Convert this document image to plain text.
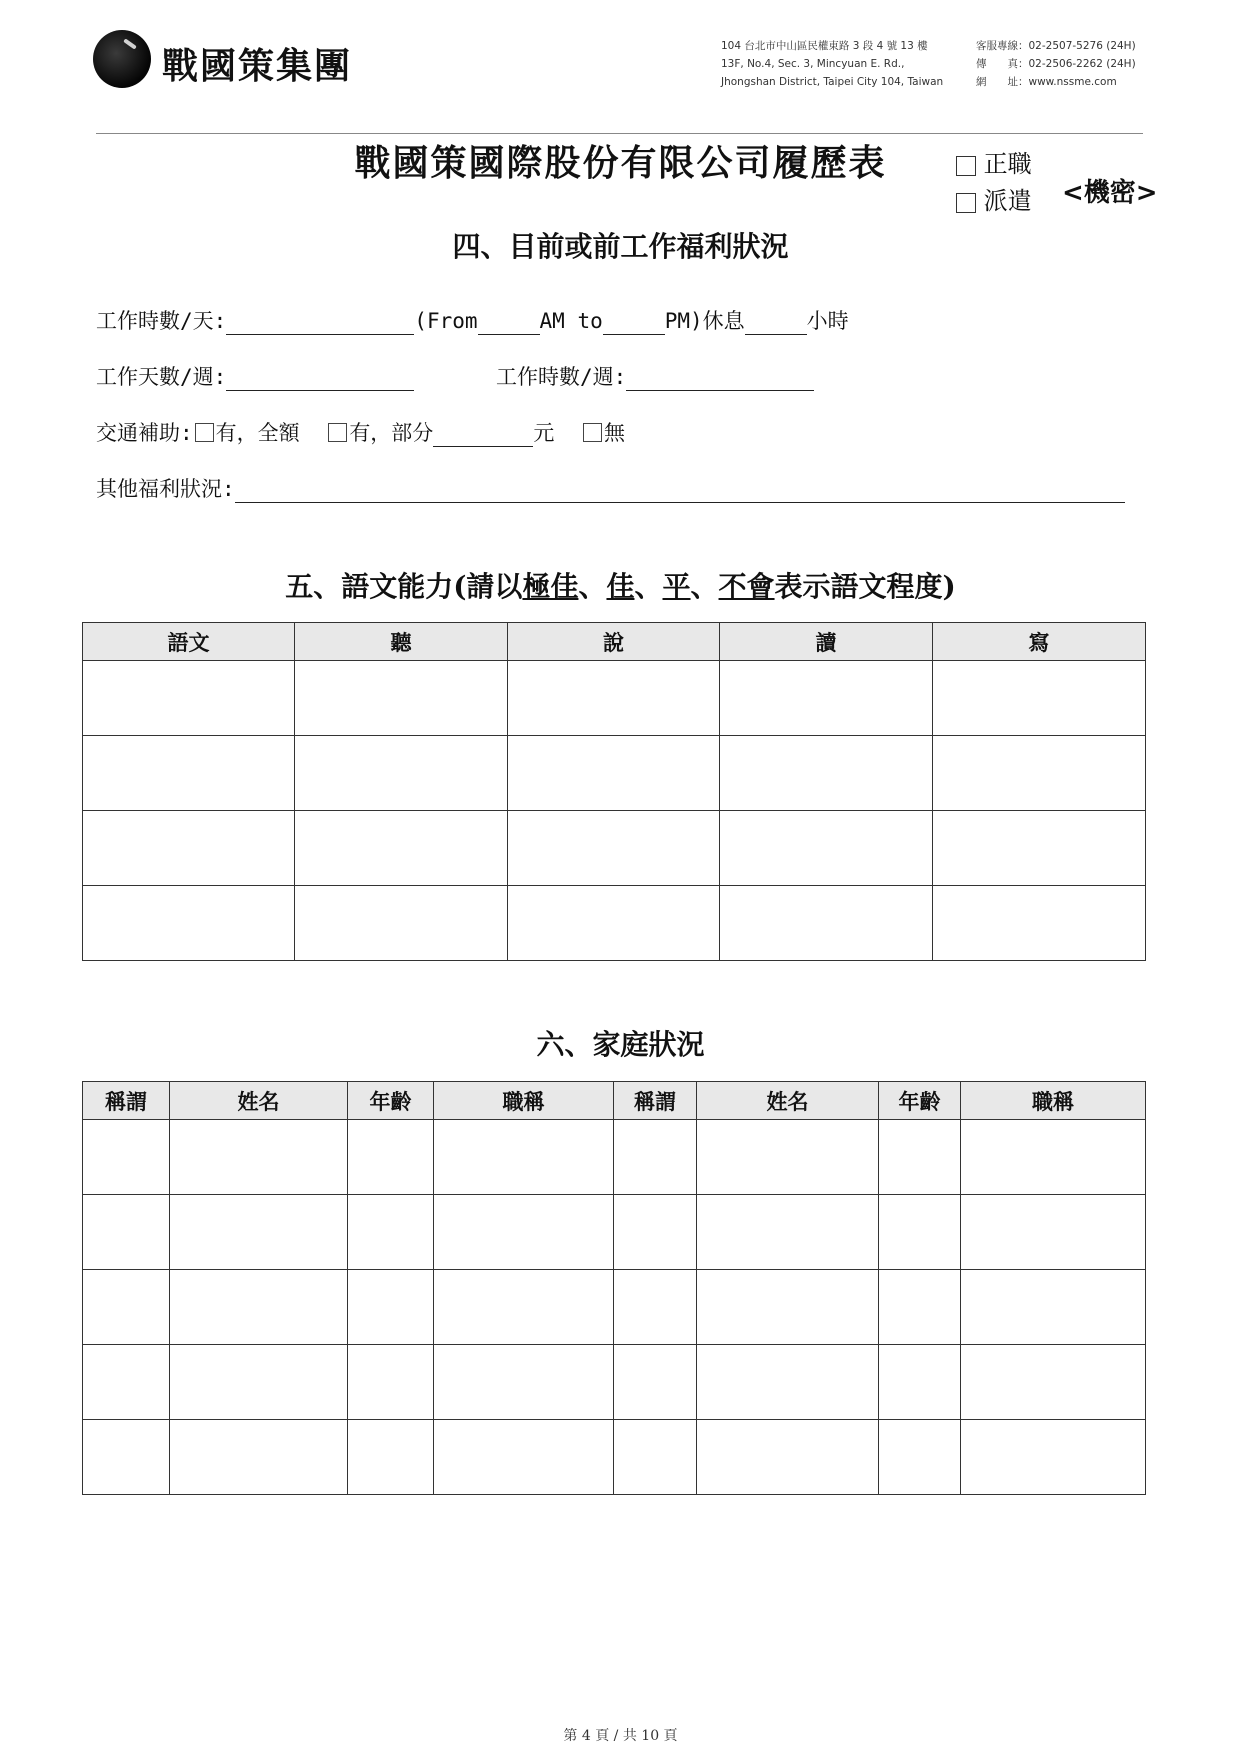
戰國策集團	104 台北市中山區民權東路 3 段 4 號 13 樓
13F, No.4, Sec. 3, Mincyuan E. Rd.,
Jhongshan District, Taipei City 104, Taiwan
客服專線：02-2507-5276 (24H)
傳　　真：02-2506-2262 (24H)
網　　址：www.nssme.com
戰國策國際股份有限公司履歷表	正職
派遣 <機密>
四、目前或前工作福利狀況
工作時數/天:	(From	AM to	PM)休息	小時
工作天數/週:	工作時數/週:
交通補助: 有，全額 有，部分	元 無
其他福利狀況:
五、語文能力(請以極佳、佳、平、不會表示語文程度)
語文	聽	說	讀	寫

六、家庭狀況
稱謂	姓名	年齡	職稱	稱謂	姓名	年齡	職稱

第 4 頁 / 共 10 頁
